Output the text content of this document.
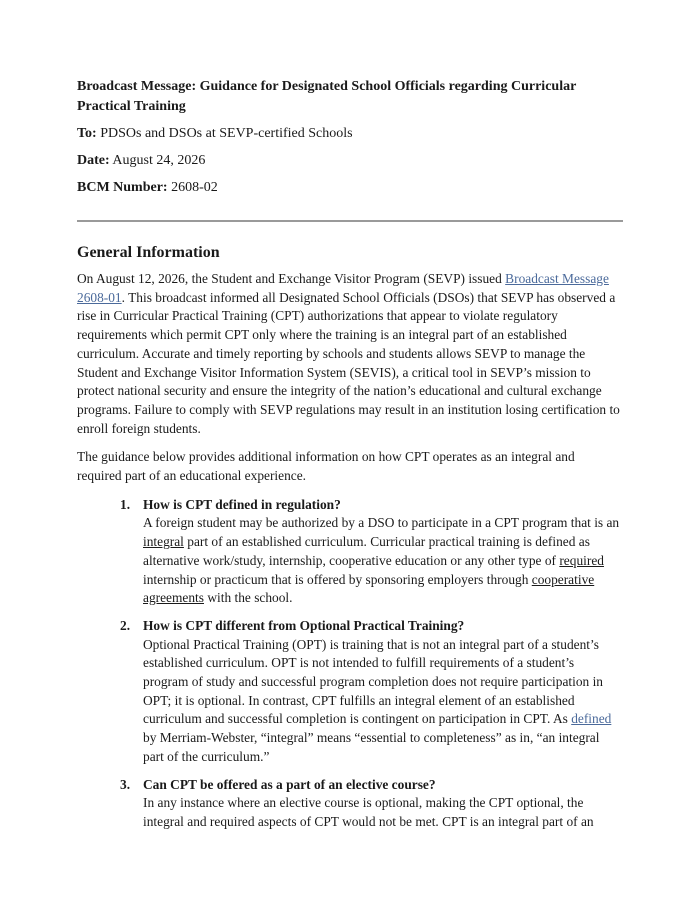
Broadcast Message: Guidance for Designated School Officials regarding Curricular Practical Training

To: PDSOs and DSOs at SEVP-certified Schools

Date: August 24, 2026

BCM Number: 2608-02

General Information

On August 12, 2026, the Student and Exchange Visitor Program (SEVP) issued Broadcast Message 2608-01. This broadcast informed all Designated School Officials (DSOs) that SEVP has observed a rise in Curricular Practical Training (CPT) authorizations that appear to violate regulatory requirements which permit CPT only where the training is an integral part of an established curriculum. Accurate and timely reporting by schools and students allows SEVP to manage the Student and Exchange Visitor Information System (SEVIS), a critical tool in SEVP’s mission to protect national security and ensure the integrity of the nation’s educational and cultural exchange programs. Failure to comply with SEVP regulations may result in an institution losing certification to enroll foreign students.

The guidance below provides additional information on how CPT operates as an integral and required part of an educational experience.

1. How is CPT defined in regulation?

A foreign student may be authorized by a DSO to participate in a CPT program that is an integral part of an established curriculum. Curricular practical training is defined as alternative work/study, internship, cooperative education or any other type of required internship or practicum that is offered by sponsoring employers through cooperative agreements with the school.

2. How is CPT different from Optional Practical Training?

Optional Practical Training (OPT) is training that is not an integral part of a student’s established curriculum. OPT is not intended to fulfill requirements of a student’s program of study and successful program completion does not require participation in OPT; it is optional. In contrast, CPT fulfills an integral element of an established curriculum and successful completion is contingent on participation in CPT. As defined by Merriam-Webster, “integral” means “essential to completeness” as in, “an integral part of the curriculum.”

3. Can CPT be offered as a part of an elective course?

In any instance where an elective course is optional, making the CPT optional, the integral and required aspects of CPT would not be met. CPT is an integral part of an
